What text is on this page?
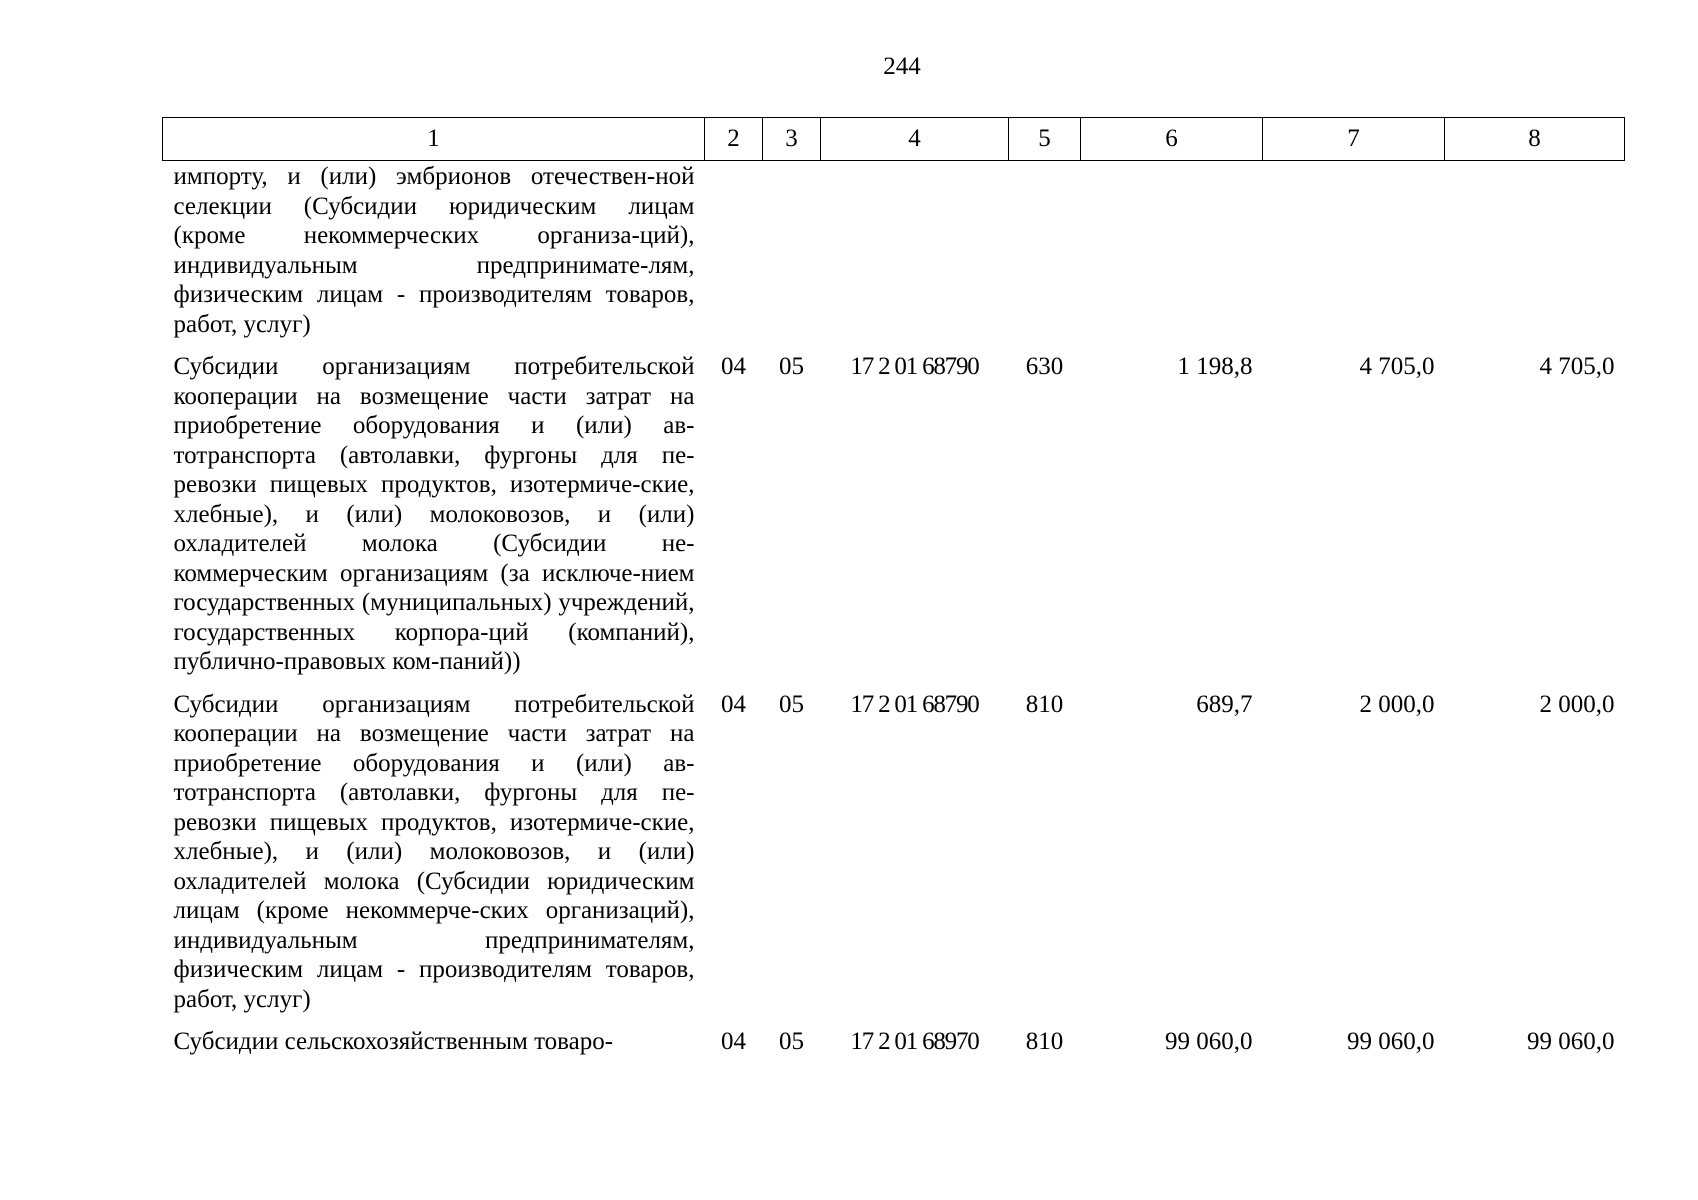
244
1	2	3	4	5	6	7	8
импорту, и (или) эмбрионов отечествен-ной селекции (Субсидии юридическим лицам (кроме некоммерческих организа-ций), индивидуальным предпринимате-лям, физическим лицам - производителям товаров, работ, услуг)							
Субсидии организациям потребительской кооперации на возмещение части затрат на приобретение оборудования и (или) ав-тотранспорта (автолавки, фургоны для пе-ревозки пищевых продуктов, изотермиче-ские, хлебные), и (или) молоковозов, и (или) охладителей молока (Субсидии не-коммерческим организациям (за исключе-нием государственных (муниципальных) учреждений, государственных корпора-ций (компаний), публично-правовых ком-паний))	04	05	17 2 01 68790	630	1 198,8	4 705,0	4 705,0
Субсидии организациям потребительской кооперации на возмещение части затрат на приобретение оборудования и (или) ав-тотранспорта (автолавки, фургоны для пе-ревозки пищевых продуктов, изотермиче-ские, хлебные), и (или) молоковозов, и (или) охладителей молока (Субсидии юридическим лицам (кроме некоммерче-ских организаций), индивидуальным предпринимателям, физическим лицам - производителям товаров, работ, услуг)	04	05	17 2 01 68790	810	689,7	2 000,0	2 000,0
Субсидии сельскохозяйственным товаро-	04	05	17 2 01 68970	810	99 060,0	99 060,0	99 060,0
